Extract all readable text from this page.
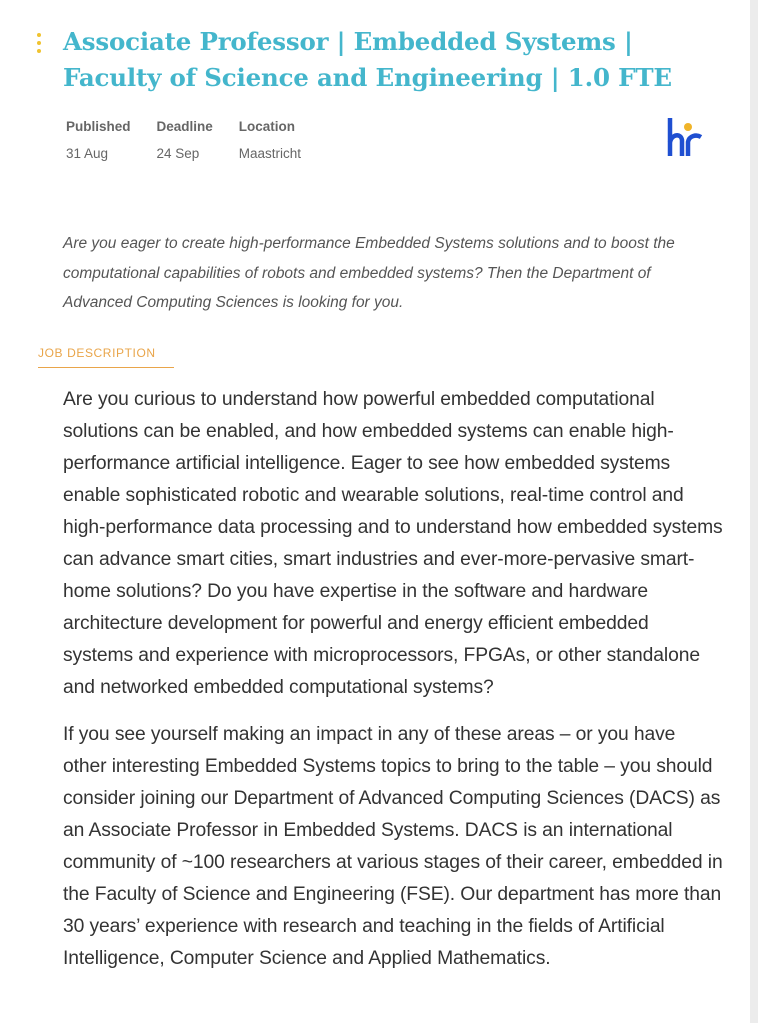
Associate Professor | Embedded Systems | Faculty of Science and Engineering | 1.0 FTE
Published
31 Aug
Deadline
24 Sep
Location
Maastricht

Are you eager to create high-performance Embedded Systems solutions and to boost the computational capabilities of robots and embedded systems? Then the Department of Advanced Computing Sciences is looking for you.

JOB DESCRIPTION

Are you curious to understand how powerful embedded computational solutions can be enabled, and how embedded systems can enable high-performance artificial intelligence. Eager to see how embedded systems enable sophisticated robotic and wearable solutions, real-time control and high-performance data processing and to understand how embedded systems can advance smart cities, smart industries and ever-more-pervasive smart-home solutions? Do you have expertise in the software and hardware architecture development for powerful and energy efficient embedded systems and experience with microprocessors, FPGAs, or other standalone and networked embedded computational systems?

If you see yourself making an impact in any of these areas – or you have other interesting Embedded Systems topics to bring to the table – you should consider joining our Department of Advanced Computing Sciences (DACS) as an Associate Professor in Embedded Systems. DACS is an international community of ~100 researchers at various stages of their career, embedded in the Faculty of Science and Engineering (FSE). Our department has more than 30 years’ experience with research and teaching in the fields of Artificial Intelligence, Computer Science and Applied Mathematics.
